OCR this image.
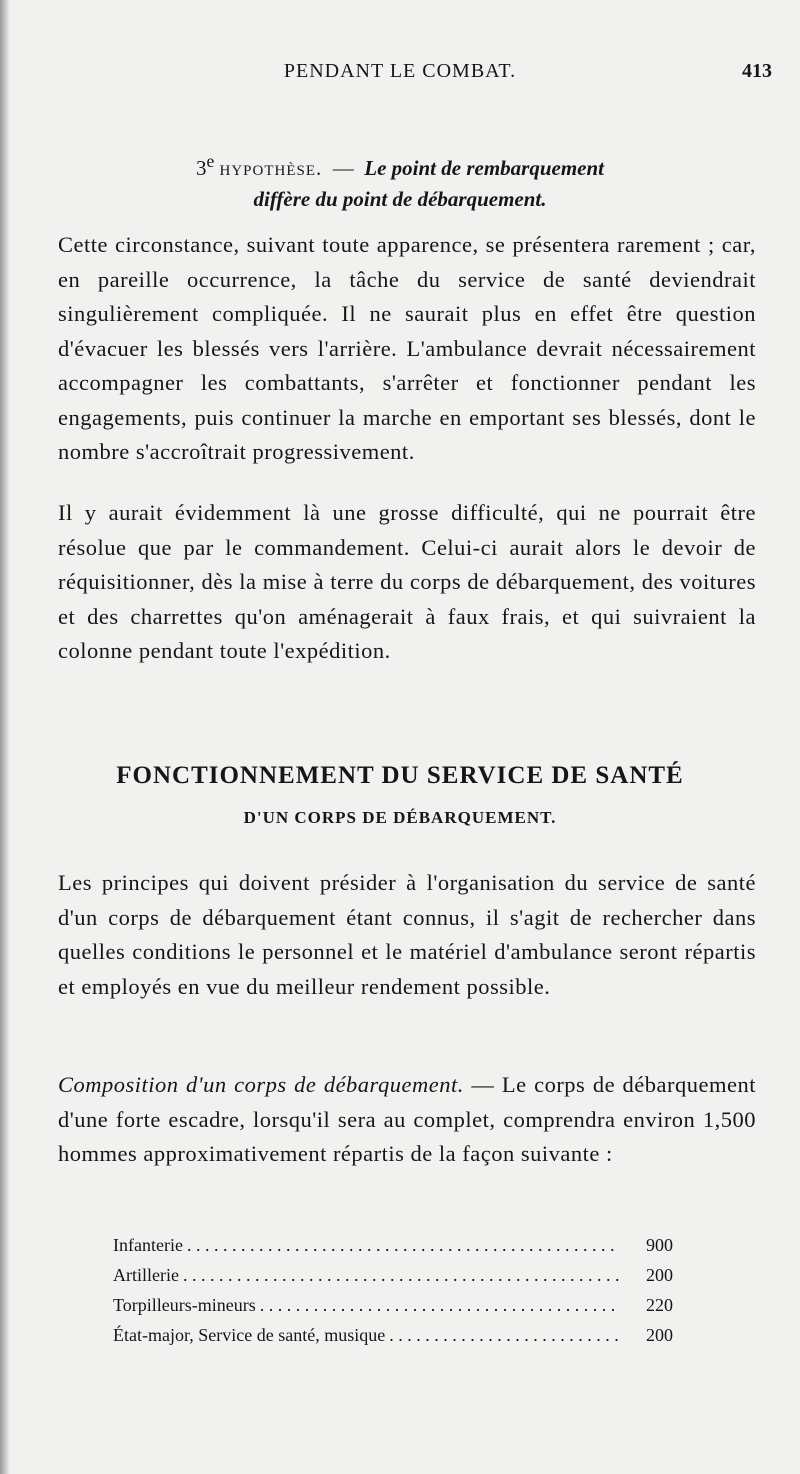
PENDANT LE COMBAT.	413
3e hypothèse. — Le point de rembarquement
diffère du point de débarquement.

Cette circonstance, suivant toute apparence, se présentera rarement ; car, en pareille occurrence, la tâche du service de santé deviendrait singulièrement compliquée. Il ne saurait plus en effet être question d'évacuer les blessés vers l'arrière. L'ambulance devrait nécessairement accompagner les combattants, s'arrêter et fonctionner pendant les engagements, puis continuer la marche en emportant ses blessés, dont le nombre s'accroîtrait progressivement.

Il y aurait évidemment là une grosse difficulté, qui ne pourrait être résolue que par le commandement. Celui-ci aurait alors le devoir de réquisitionner, dès la mise à terre du corps de débarquement, des voitures et des charrettes qu'on aménagerait à faux frais, et qui suivraient la colonne pendant toute l'expédition.

FONCTIONNEMENT DU SERVICE DE SANTÉ
D'UN CORPS DE DÉBARQUEMENT.

Les principes qui doivent présider à l'organisation du service de santé d'un corps de débarquement étant connus, il s'agit de rechercher dans quelles conditions le personnel et le matériel d'ambulance seront répartis et employés en vue du meilleur rendement possible.

Composition d'un corps de débarquement. — Le corps de débarquement d'une forte escadre, lorsqu'il sera au complet, comprendra environ 1,500 hommes approximativement répartis de la façon suivante :

Infanterie . . .	900
Artillerie . . .	200
Torpilleurs-mineurs . . .	220
État-major, Service de santé, musique . . .	200
